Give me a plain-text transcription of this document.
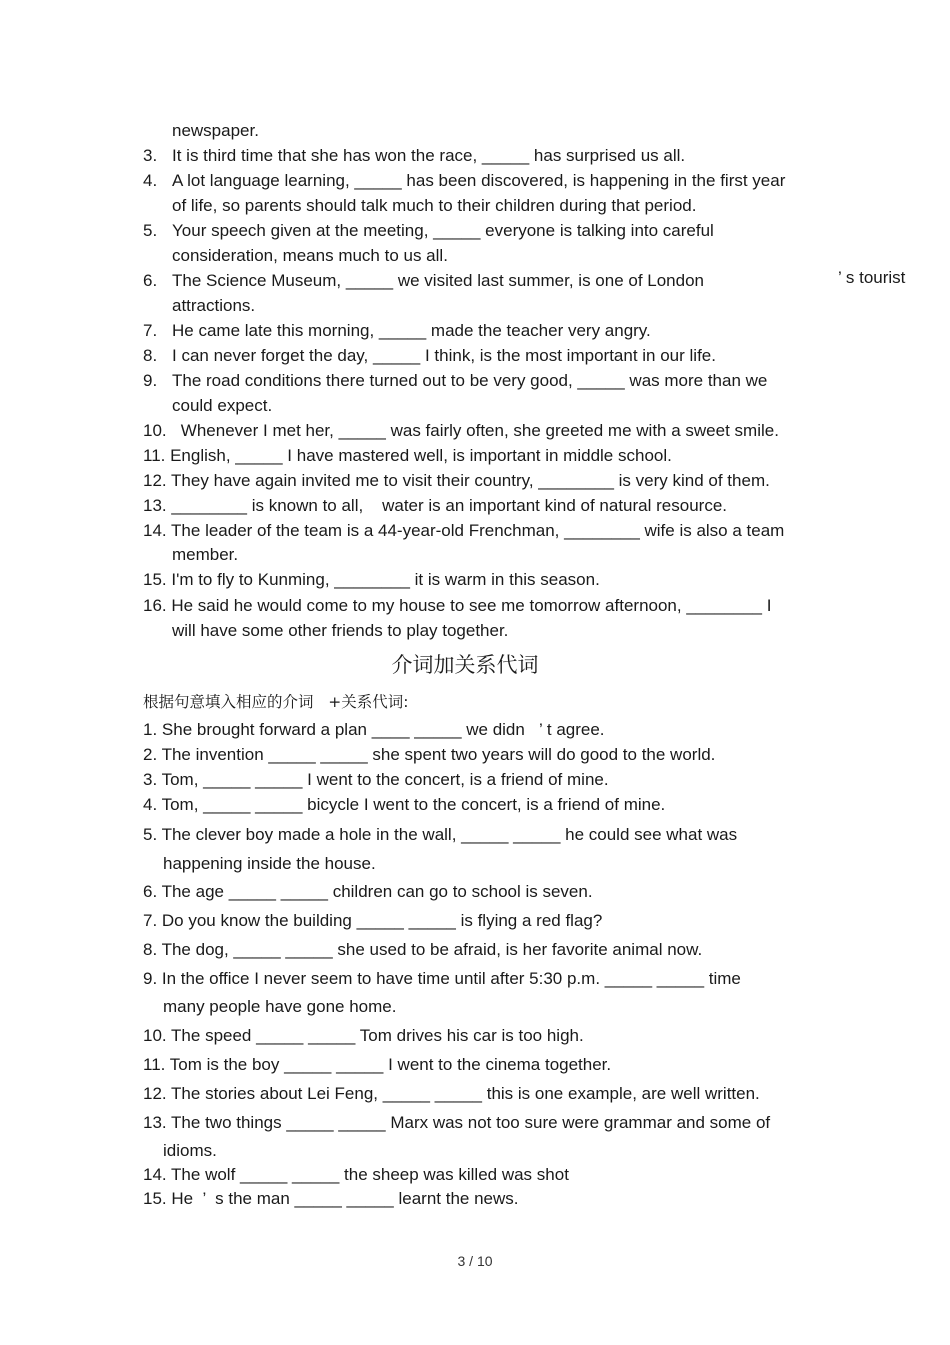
newspaper.
3. It is third time that she has won the race, _____ has surprised us all.
4. A lot language learning, _____ has been discovered, is happening in the first year
of life, so parents should talk much to their children during that period.
5. Your speech given at the meeting, _____ everyone is talking into careful
consideration, means much to us all.
6. The Science Museum, _____ we visited last summer, is one of London	’ s tourist
attractions.
7. He came late this morning, _____ made the teacher very angry.
8. I can never forget the day, _____ I think, is the most important in our life.
9. The road conditions there turned out to be very good, _____ was more than we
could expect.
10.   Whenever I met her, _____ was fairly often, she greeted me with a sweet smile.
11. English, _____ I have mastered well, is important in middle school.
12. They have again invited me to visit their country, ________ is very kind of them.
13. ________ is known to all,    water is an important kind of natural resource.
14. The leader of the team is a 44-year-old Frenchman, ________ wife is also a team
member.
15. I'm to fly to Kunming, ________ it is warm in this season.
16. He said he would come to my house to see me tomorrow afternoon, ________ I
will have some other friends to play together.
介词加关系代词
根据句意填入相应的介词   +关系代词:
1. She brought forward a plan ____ _____ we didn   ’ t agree.
2. The invention _____ _____ she spent two years will do good to the world.
3. Tom, _____ _____ I went to the concert, is a friend of mine.
4. Tom, _____ _____ bicycle I went to the concert, is a friend of mine.
5. The clever boy made a hole in the wall, _____ _____ he could see what was
happening inside the house.
6. The age _____ _____ children can go to school is seven.
7. Do you know the building _____ _____ is flying a red flag?
8. The dog, _____ _____ she used to be afraid, is her favorite animal now.
9. In the office I never seem to have time until after 5:30 p.m. _____ _____ time
many people have gone home.
10. The speed _____ _____ Tom drives his car is too high.
11. Tom is the boy _____ _____ I went to the cinema together.
12. The stories about Lei Feng, _____ _____ this is one example, are well written.
13. The two things _____ _____ Marx was not too sure were grammar and some of
idioms.
14. The wolf _____ _____ the sheep was killed was shot
15. He  ’  s the man _____ _____ learnt the news.
3 / 10
